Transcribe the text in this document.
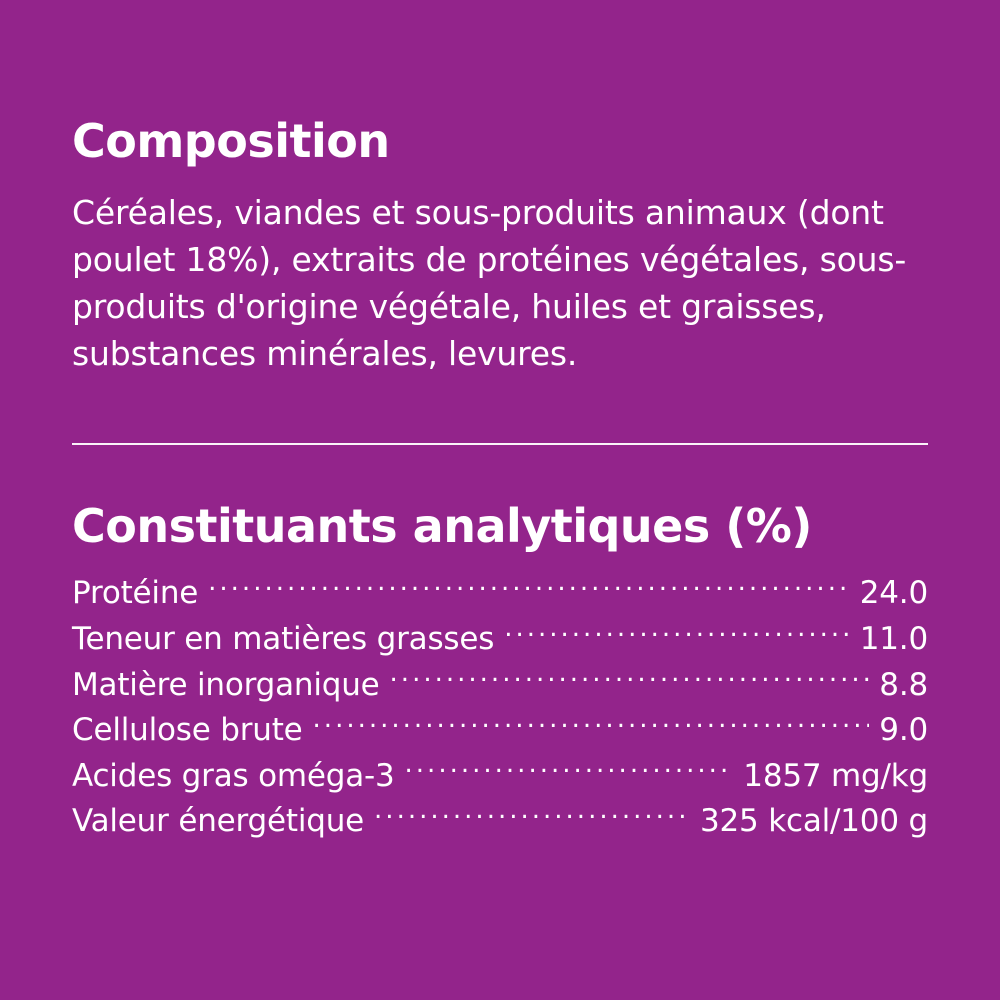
Composition

Céréales, viandes et sous-produits animaux (dont poulet 18%), extraits de protéines végétales, sous-produits d'origine végétale, huiles et graisses, substances minérales, levures.

Constituants analytiques (%)
Protéine .....	24.0
Teneur en matières grasses .....	11.0
Matière inorganique .....	8.8
Cellulose brute .....	9.0
Acides gras oméga-3 .....	1857 mg/kg
Valeur énergétique .....	325 kcal/100 g
